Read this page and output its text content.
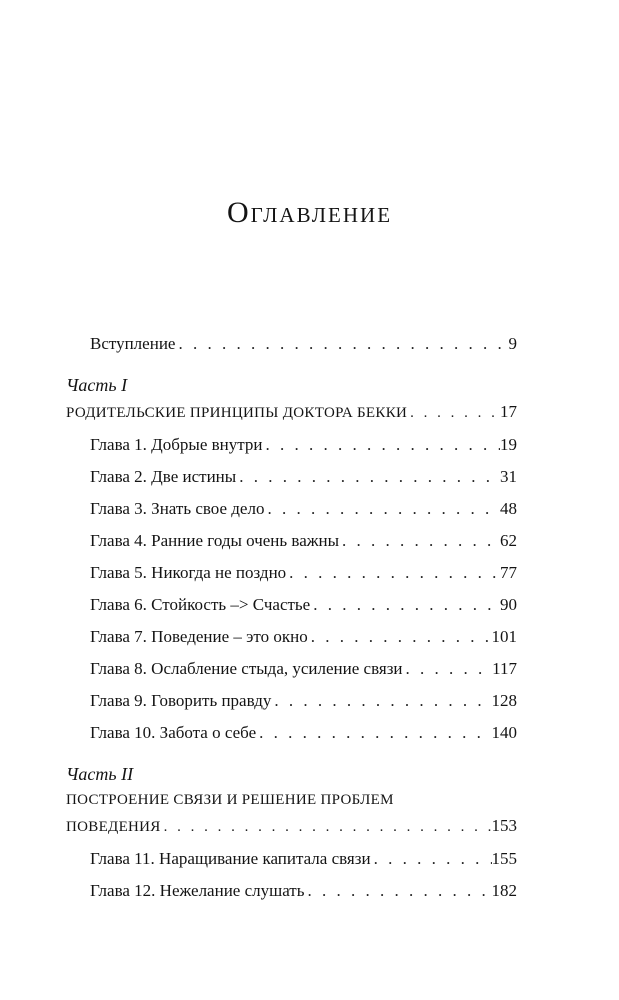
Оглавление
Вступление . . .	9
Часть I
РОДИТЕЛЬСКИЕ ПРИНЦИПЫ ДОКТОРА БЕККИ . . .	17
Глава 1. Добрые внутри . . .	19
Глава 2. Две истины . . .	31
Глава 3. Знать свое дело . . .	48
Глава 4. Ранние годы очень важны . . .	62
Глава 5. Никогда не поздно . . .	77
Глава 6. Стойкость –> Счастье . . .	90
Глава 7. Поведение – это окно . . .	101
Глава 8. Ослабление стыда, усиление связи . . .	117
Глава 9. Говорить правду . . .	128
Глава 10. Забота о себе . . .	140
Часть II
ПОСТРОЕНИЕ СВЯЗИ И РЕШЕНИЕ ПРОБЛЕМ
ПОВЕДЕНИЯ . . .	153
Глава 11. Наращивание капитала связи . . .	155
Глава 12. Нежелание слушать . . .	182
